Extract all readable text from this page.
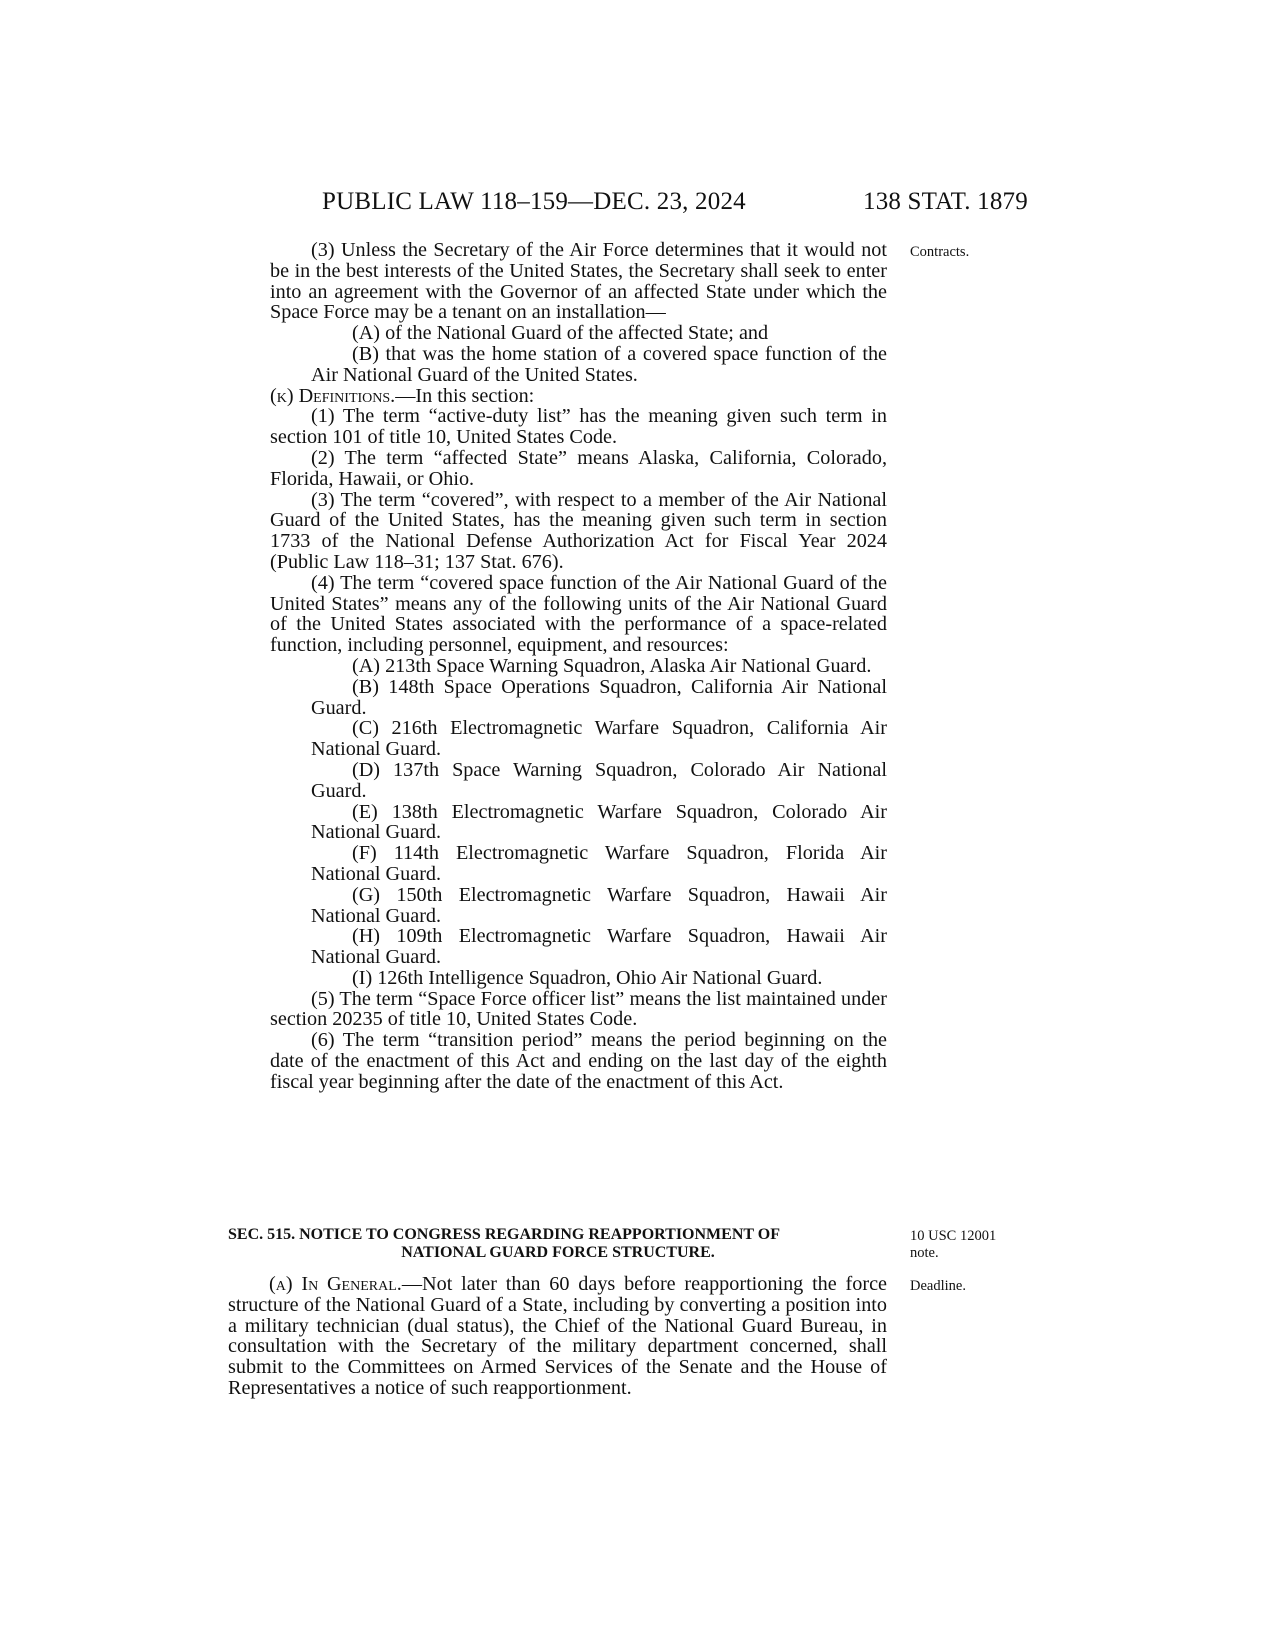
PUBLIC LAW 118–159—DEC. 23, 2024	138 STAT. 1879
Contracts.
10 USC 12001 note.
Deadline.
(3) Unless the Secretary of the Air Force determines that it would not be in the best interests of the United States, the Secretary shall seek to enter into an agreement with the Governor of an affected State under which the Space Force may be a tenant on an installation—
(A) of the National Guard of the affected State; and
(B) that was the home station of a covered space function of the Air National Guard of the United States.
(k) Definitions.—In this section:
(1) The term “active-duty list” has the meaning given such term in section 101 of title 10, United States Code.
(2) The term “affected State” means Alaska, California, Colorado, Florida, Hawaii, or Ohio.
(3) The term “covered”, with respect to a member of the Air National Guard of the United States, has the meaning given such term in section 1733 of the National Defense Authorization Act for Fiscal Year 2024 (Public Law 118–31; 137 Stat. 676).
(4) The term “covered space function of the Air National Guard of the United States” means any of the following units of the Air National Guard of the United States associated with the performance of a space-related function, including personnel, equipment, and resources:
(A) 213th Space Warning Squadron, Alaska Air National Guard.
(B) 148th Space Operations Squadron, California Air National Guard.
(C) 216th Electromagnetic Warfare Squadron, California Air National Guard.
(D) 137th Space Warning Squadron, Colorado Air National Guard.
(E) 138th Electromagnetic Warfare Squadron, Colorado Air National Guard.
(F) 114th Electromagnetic Warfare Squadron, Florida Air National Guard.
(G) 150th Electromagnetic Warfare Squadron, Hawaii Air National Guard.
(H) 109th Electromagnetic Warfare Squadron, Hawaii Air National Guard.
(I) 126th Intelligence Squadron, Ohio Air National Guard.
(5) The term “Space Force officer list” means the list maintained under section 20235 of title 10, United States Code.
(6) The term “transition period” means the period beginning on the date of the enactment of this Act and ending on the last day of the eighth fiscal year beginning after the date of the enactment of this Act.
SEC. 515. NOTICE TO CONGRESS REGARDING REAPPORTIONMENT OF
NATIONAL GUARD FORCE STRUCTURE.
(a) In General.—Not later than 60 days before reapportioning the force structure of the National Guard of a State, including by converting a position into a military technician (dual status), the Chief of the National Guard Bureau, in consultation with the Secretary of the military department concerned, shall submit to the Committees on Armed Services of the Senate and the House of Representatives a notice of such reapportionment.
